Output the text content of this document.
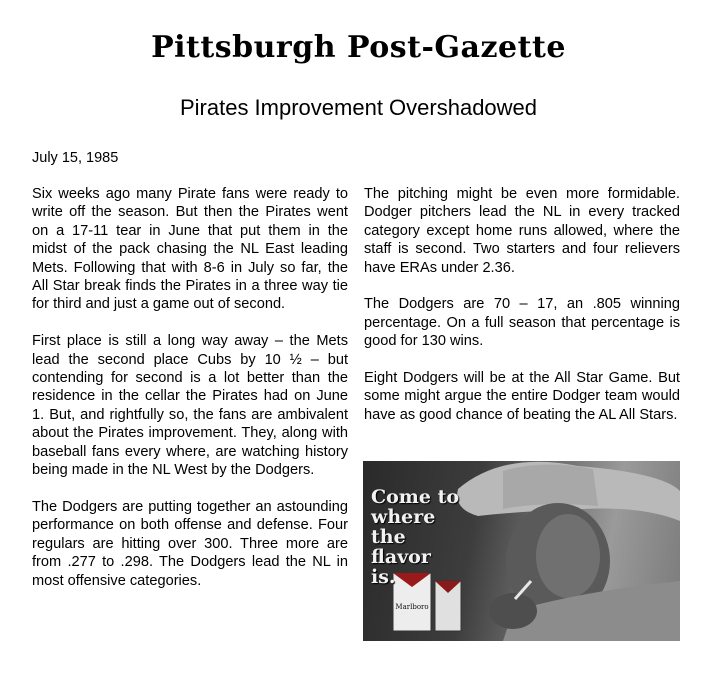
Pittsburgh Post-Gazette
Pirates Improvement Overshadowed
July 15, 1985

Six weeks ago many Pirate fans were ready to write off the season. But then the Pirates went on a 17-11 tear in June that put them in the midst of the pack chasing the NL East leading Mets. Following that with 8-6 in July so far, the All Star break finds the Pirates in a three way tie for third and just a game out of second.

First place is still a long way away – the Mets lead the second place Cubs by 10 ½ – but contending for second is a lot better than the residence in the cellar the Pirates had on June 1. But, and rightfully so, the fans are ambivalent about the Pirates improvement. They, along with baseball fans every where, are watching history being made in the NL West by the Dodgers.

The Dodgers are putting together an astounding performance on both offense and defense. Four regulars are hitting over 300. Three more are from .277 to .298. The Dodgers lead the NL in most offensive categories.

The pitching might be even more formidable. Dodger pitchers lead the NL in every tracked category except home runs allowed, where the staff is second. Two starters and four relievers have ERAs under 2.36.

The Dodgers are 70 – 17, an .805 winning percentage. On a full season that percentage is good for 130 wins.

Eight Dodgers will be at the All Star Game. But some might argue the entire Dodger team would have as good chance of beating the AL All Stars.

Marlboro
Come to
where the
flavor is.
